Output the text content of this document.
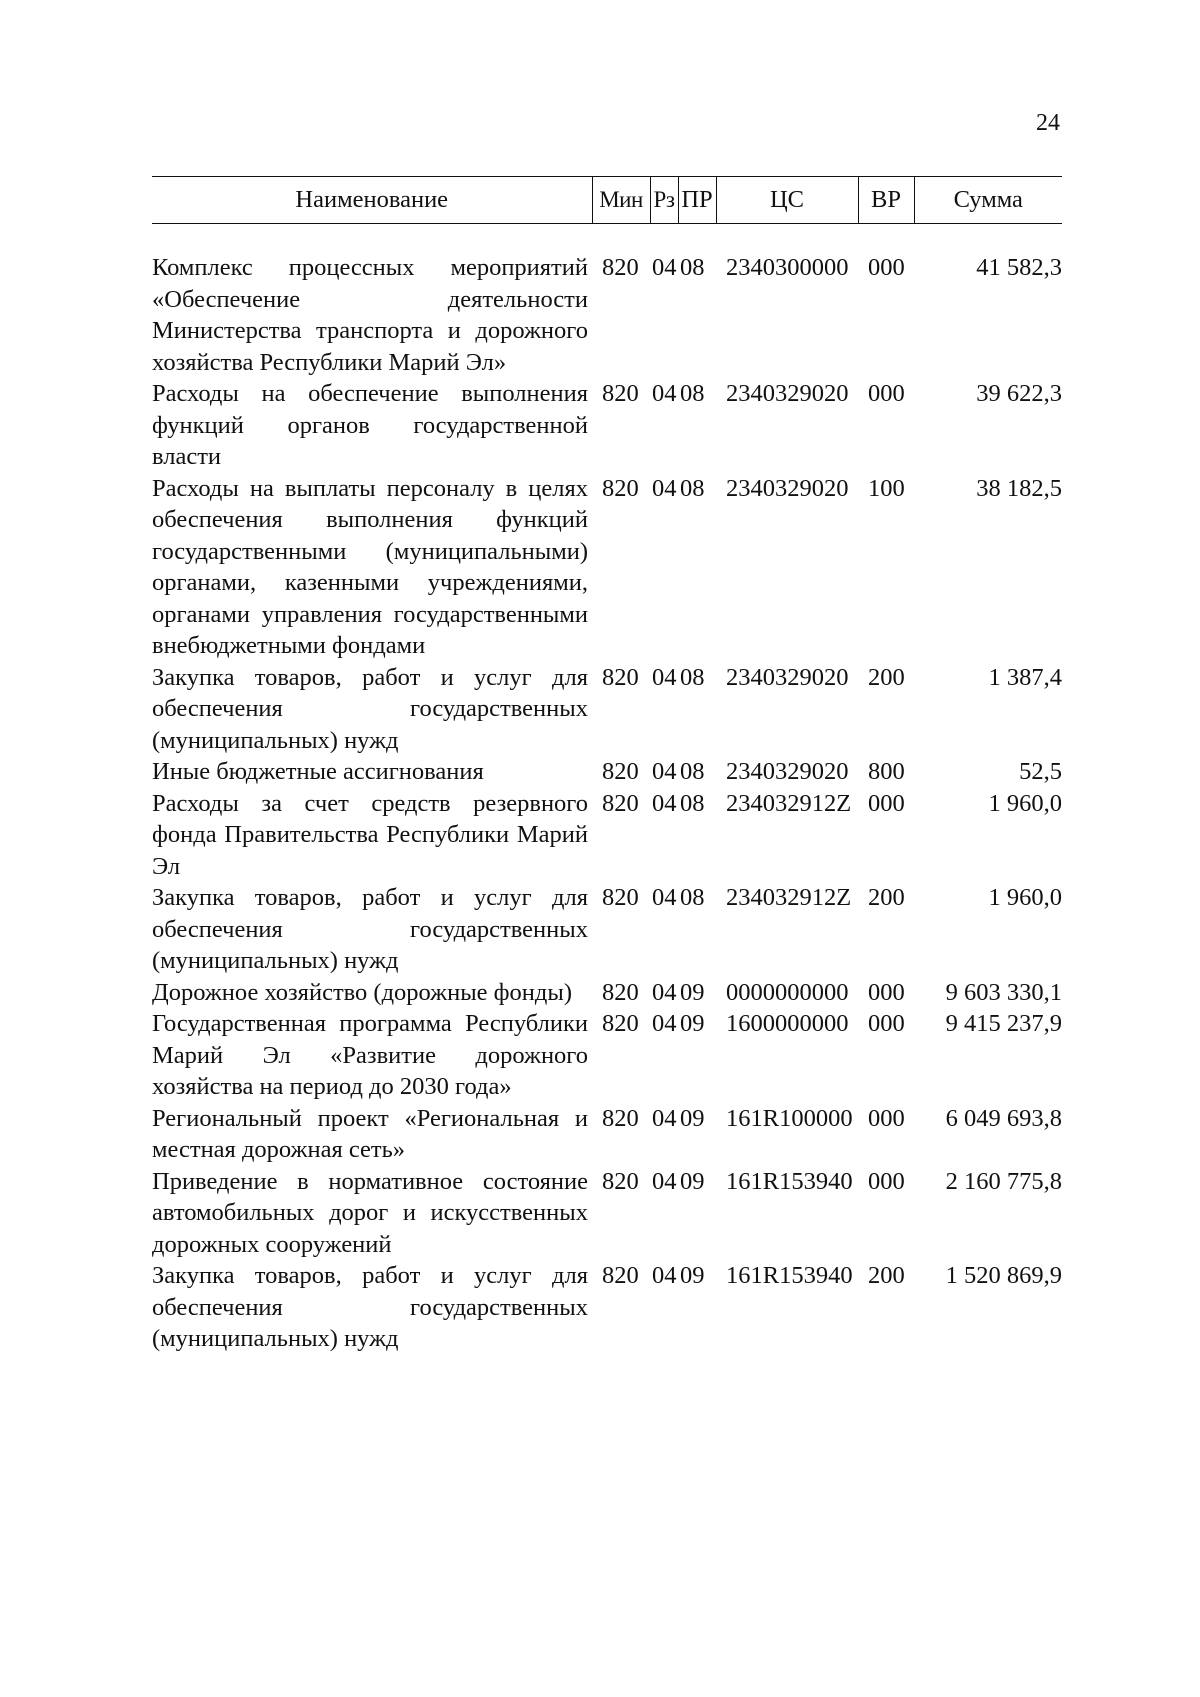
24
Наименование	Мин	Рз	ПР	ЦС	ВР	Сумма

Комплекс процессных мероприятий «Обеспечение деятельности Министерства транспорта и дорожного хозяйства Республики Марий Эл»	820	04	08	2340300000	000	41 582,3
Расходы на обеспечение выполнения функций органов государственной власти	820	04	08	2340329020	000	39 622,3
Расходы на выплаты персоналу в целях обеспечения выполнения функций государственными (муниципальными) органами, казенными учреждениями, органами управления государственными внебюджетными фондами	820	04	08	2340329020	100	38 182,5
Закупка товаров, работ и услуг для обеспечения государственных (муниципальных) нужд	820	04	08	2340329020	200	1 387,4
Иные бюджетные ассигнования	820	04	08	2340329020	800	52,5
Расходы за счет средств резервного фонда Правительства Республики Марий Эл	820	04	08	234032912Z	000	1 960,0
Закупка товаров, работ и услуг для обеспечения государственных (муниципальных) нужд	820	04	08	234032912Z	200	1 960,0
Дорожное хозяйство (дорожные фонды)	820	04	09	0000000000	000	9 603 330,1
Государственная программа Республики Марий Эл «Развитие дорожного хозяйства на период до 2030 года»	820	04	09	1600000000	000	9 415 237,9
Региональный проект «Региональная и местная дорожная сеть»	820	04	09	161R100000	000	6 049 693,8
Приведение в нормативное состояние автомобильных дорог и искусственных дорожных сооружений	820	04	09	161R153940	000	2 160 775,8
Закупка товаров, работ и услуг для обеспечения государственных (муниципальных) нужд	820	04	09	161R153940	200	1 520 869,9
